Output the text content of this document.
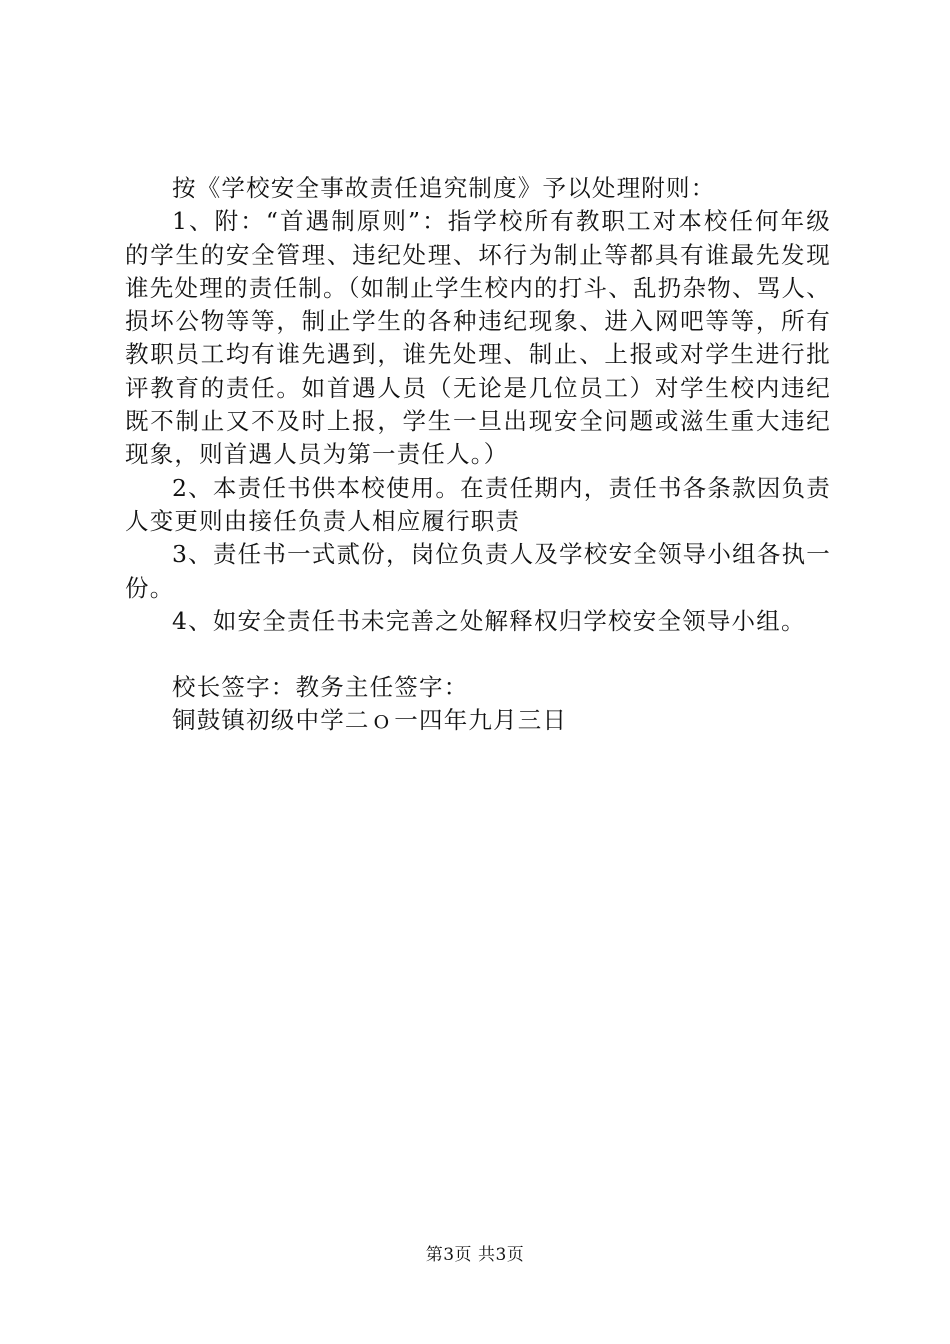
按《学校安全事故责任追究制度》予以处理附则：

1、附：“首遇制原则”：指学校所有教职工对本校任何年级的学生的安全管理、违纪处理、坏行为制止等都具有谁最先发现谁先处理的责任制。（如制止学生校内的打斗、乱扔杂物、骂人、损坏公物等等，制止学生的各种违纪现象、进入网吧等等，所有教职员工均有谁先遇到，谁先处理、制止、上报或对学生进行批评教育的责任。如首遇人员（无论是几位员工）对学生校内违纪既不制止又不及时上报，学生一旦出现安全问题或滋生重大违纪现象，则首遇人员为第一责任人。）

2、本责任书供本校使用。在责任期内，责任书各条款因负责人变更则由接任负责人相应履行职责

3、责任书一式贰份，岗位负责人及学校安全领导小组各执一份。

4、如安全责任书未完善之处解释权归学校安全领导小组。

校长签字：教务主任签字：

铜鼓镇初级中学二ｏ一四年九月三日

第3页 共3页
